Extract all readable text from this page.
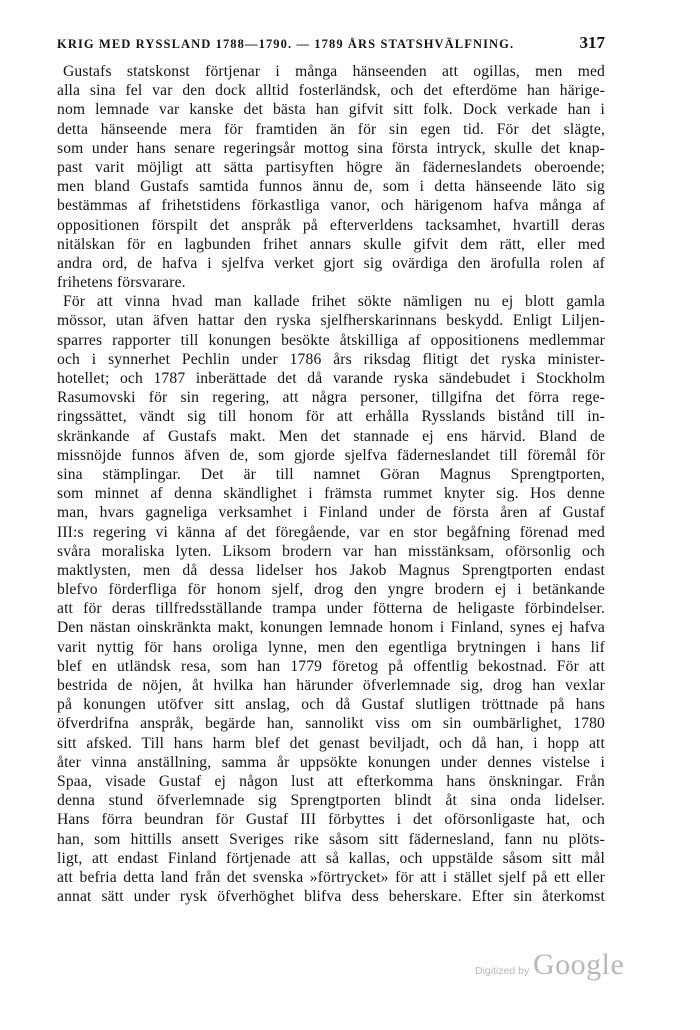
KRIG MED RYSSLAND 1788—1790. — 1789 ÅRS STATSHVÄLFNING.	317
Gustafs statskonst förtjenar i många hänseenden att ogillas, men med
alla sina fel var den dock alltid fosterländsk, och det efterdöme han härige-
nom lemnade var kanske det bästa han gifvit sitt folk. Dock verkade han i
detta hänseende mera för framtiden än för sin egen tid. För det slägte,
som under hans senare regeringsår mottog sina första intryck, skulle det knap-
past varit möjligt att sätta partisyften högre än fäderneslandets oberoende;
men bland Gustafs samtida funnos ännu de, som i detta hänseende läto sig
bestämmas af frihetstidens förkastliga vanor, och härigenom hafva många af
oppositionen förspilt det anspråk på efterverldens tacksamhet, hvartill deras
nitälskan för en lagbunden frihet annars skulle gifvit dem rätt, eller med
andra ord, de hafva i sjelfva verket gjort sig ovärdiga den ärofulla rolen af
frihetens försvarare.
För att vinna hvad man kallade frihet sökte nämligen nu ej blott gamla
mössor, utan äfven hattar den ryska sjelfherskarinnans beskydd. Enligt Liljen-
sparres rapporter till konungen besökte åtskilliga af oppositionens medlemmar
och i synnerhet Pechlin under 1786 års riksdag flitigt det ryska minister-
hotellet; och 1787 inberättade det då varande ryska sändebudet i Stockholm
Rasumovski för sin regering, att några personer, tillgifna det förra rege-
ringssättet, vändt sig till honom för att erhålla Rysslands bistånd till in-
skränkande af Gustafs makt. Men det stannade ej ens härvid. Bland de
missnöjde funnos äfven de, som gjorde sjelfva fäderneslandet till föremål för
sina stämplingar. Det är till namnet Göran Magnus Sprengtporten,
som minnet af denna skändlighet i främsta rummet knyter sig. Hos denne
man, hvars gagneliga verksamhet i Finland under de första åren af Gustaf
III:s regering vi känna af det föregående, var en stor begåfning förenad med
svåra moraliska lyten. Liksom brodern var han misstänksam, oförsonlig och
maktlysten, men då dessa lidelser hos Jakob Magnus Sprengtporten endast
blefvo förderfliga för honom sjelf, drog den yngre brodern ej i betänkande
att för deras tillfredsställande trampa under fötterna de heligaste förbindelser.
Den nästan oinskränkta makt, konungen lemnade honom i Finland, synes ej hafva
varit nyttig för hans oroliga lynne, men den egentliga brytningen i hans lif
blef en utländsk resa, som han 1779 företog på offentlig bekostnad. För att
bestrida de nöjen, åt hvilka han härunder öfverlemnade sig, drog han vexlar
på konungen utöfver sitt anslag, och då Gustaf slutligen tröttnade på hans
öfverdrifna anspråk, begärde han, sannolikt viss om sin oumbärlighet, 1780
sitt afsked. Till hans harm blef det genast beviljadt, och då han, i hopp att
åter vinna anställning, samma år uppsökte konungen under dennes vistelse i
Spaa, visade Gustaf ej någon lust att efterkomma hans önskningar. Från
denna stund öfverlemnade sig Sprengtporten blindt åt sina onda lidelser.
Hans förra beundran för Gustaf III förbyttes i det oförsonligaste hat, och
han, som hittills ansett Sveriges rike såsom sitt fädernesland, fann nu plöts-
ligt, att endast Finland förtjenade att så kallas, och uppstälde såsom sitt mål
att befria detta land från det svenska »förtrycket» för att i stället sjelf på ett eller
annat sätt under rysk öfverhöghet blifva dess beherskare. Efter sin återkomst
Digitized by Google
